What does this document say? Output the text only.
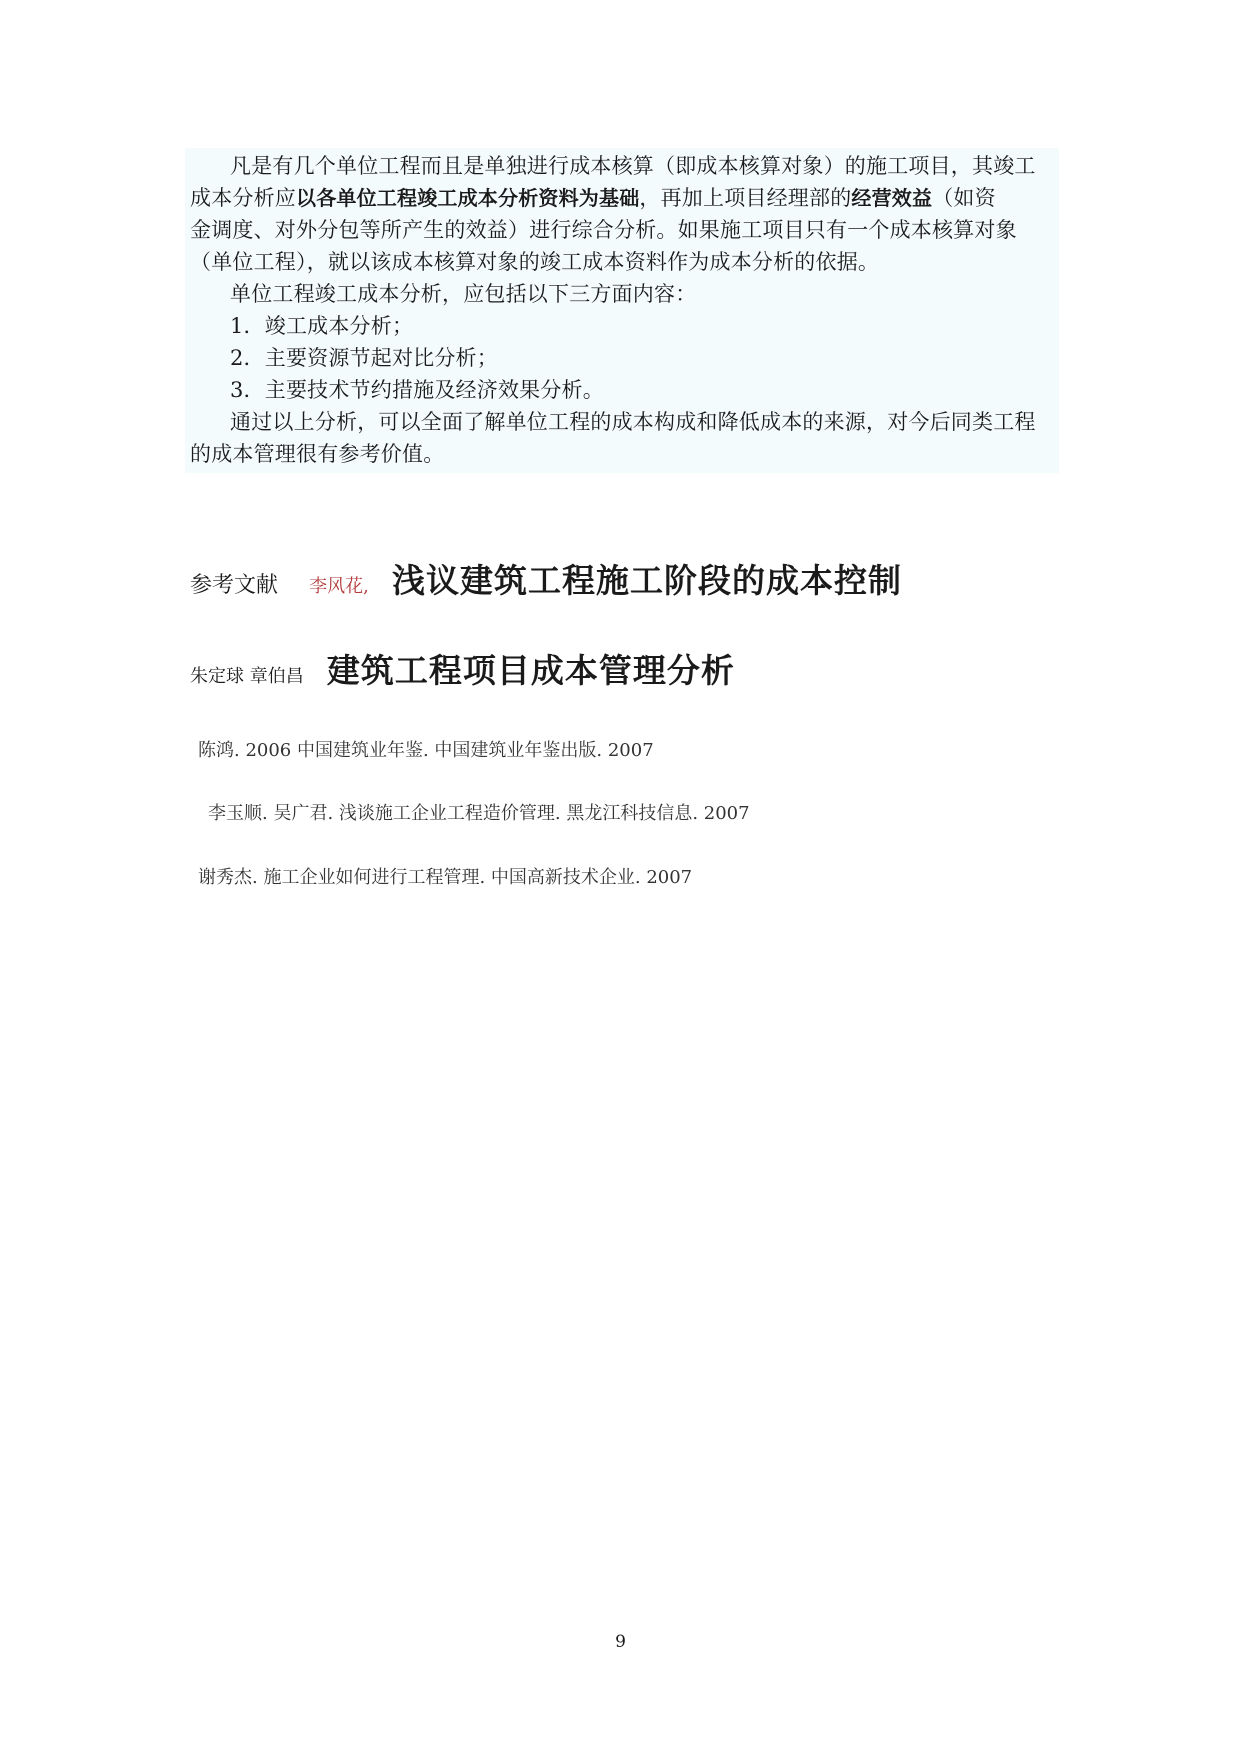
凡是有几个单位工程而且是单独进行成本核算（即成本核算对象）的施工项目，其竣工
成本分析应以各单位工程竣工成本分析资料为基础，再加上项目经理部的经营效益（如资
金调度、对外分包等所产生的效益）进行综合分析。如果施工项目只有一个成本核算对象
（单位工程），就以该成本核算对象的竣工成本资料作为成本分析的依据。
单位工程竣工成本分析，应包括以下三方面内容：
1．竣工成本分析；
2．主要资源节起对比分析；
3．主要技术节约措施及经济效果分析。
通过以上分析，可以全面了解单位工程的成本构成和降低成本的来源，对今后同类工程
的成本管理很有参考价值。
参考文献 李风花, 浅议建筑工程施工阶段的成本控制
朱定球 章伯昌 建筑工程项目成本管理分析
陈鸿. 2006 中国建筑业年鉴. 中国建筑业年鉴出版. 2007
李玉顺. 吴广君. 浅谈施工企业工程造价管理. 黑龙江科技信息. 2007
谢秀杰. 施工企业如何进行工程管理. 中国高新技术企业. 2007
9
